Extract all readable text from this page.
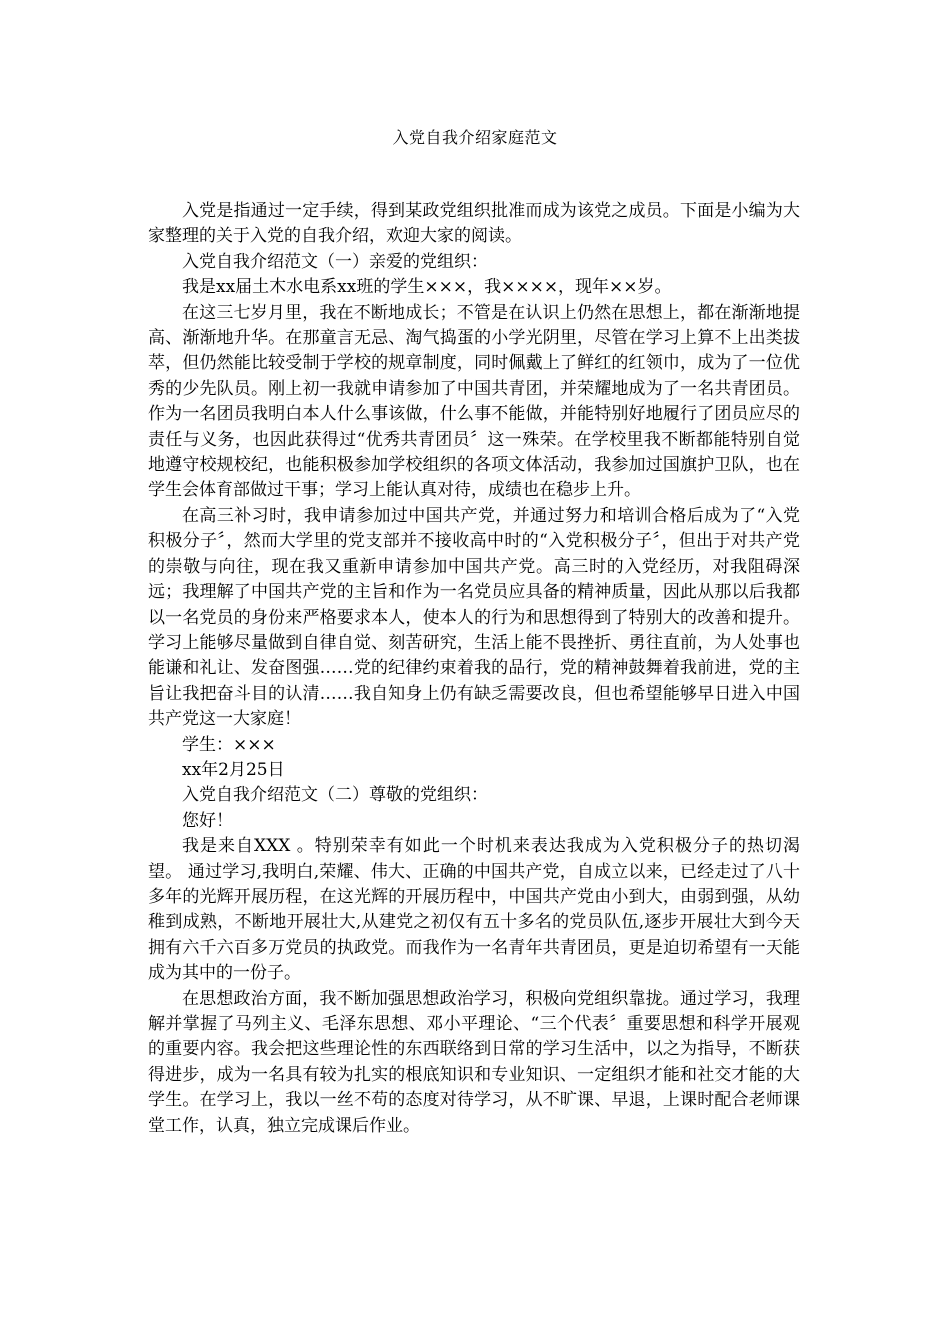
入党自我介绍家庭范文

入党是指通过一定手续，得到某政党组织批准而成为该党之成员。下面是小编为大家整理的关于入党的自我介绍，欢迎大家的阅读。

入党自我介绍范文（一）亲爱的党组织：

我是xx届土木水电系xx班的学生×××，我××××，现年××岁。

在这三七岁月里，我在不断地成长；不管是在认识上仍然在思想上，都在渐渐地提高、渐渐地升华。在那童言无忌、淘气捣蛋的小学光阴里，尽管在学习上算不上出类拔萃，但仍然能比较受制于学校的规章制度，同时佩戴上了鲜红的红领巾，成为了一位优秀的少先队员。刚上初一我就申请参加了中国共青团，并荣耀地成为了一名共青团员。作为一名团员我明白本人什么事该做，什么事不能做，并能特别好地履行了团员应尽的责任与义务，也因此获得过“优秀共青团员〞这一殊荣。在学校里我不断都能特别自觉地遵守校规校纪，也能积极参加学校组织的各项文体活动，我参加过国旗护卫队，也在学生会体育部做过干事；学习上能认真对待，成绩也在稳步上升。

在高三补习时，我申请参加过中国共产党，并通过努力和培训合格后成为了“入党积极分子〞，然而大学里的党支部并不接收高中时的“入党积极分子〞，但出于对共产党的崇敬与向往，现在我又重新申请参加中国共产党。高三时的入党经历，对我阻碍深远；我理解了中国共产党的主旨和作为一名党员应具备的精神质量，因此从那以后我都以一名党员的身份来严格要求本人，使本人的行为和思想得到了特别大的改善和提升。学习上能够尽量做到自律自觉、刻苦研究，生活上能不畏挫折、勇往直前，为人处事也能谦和礼让、发奋图强……党的纪律约束着我的品行，党的精神鼓舞着我前进，党的主旨让我把奋斗目的认清……我自知身上仍有缺乏需要改良，但也希望能够早日进入中国共产党这一大家庭！

学生：×××

xx年2月25日

入党自我介绍范文（二）尊敬的党组织：

您好！

我是来自XXX 。特别荣幸有如此一个时机来表达我成为入党积极分子的热切渴望。 通过学习,我明白,荣耀、伟大、正确的中国共产党，自成立以来，已经走过了八十多年的光辉开展历程，在这光辉的开展历程中，中国共产党由小到大，由弱到强，从幼稚到成熟，不断地开展壮大,从建党之初仅有五十多名的党员队伍,逐步开展壮大到今天拥有六千六百多万党员的执政党。而我作为一名青年共青团员，更是迫切希望有一天能成为其中的一份子。

在思想政治方面，我不断加强思想政治学习，积极向党组织靠拢。通过学习，我理解并掌握了马列主义、毛泽东思想、邓小平理论、“三个代表〞重要思想和科学开展观的重要内容。我会把这些理论性的东西联络到日常的学习生活中，以之为指导，不断获得进步，成为一名具有较为扎实的根底知识和专业知识、一定组织才能和社交才能的大学生。在学习上，我以一丝不苟的态度对待学习，从不旷课、早退，上课时配合老师课堂工作，认真，独立完成课后作业。
